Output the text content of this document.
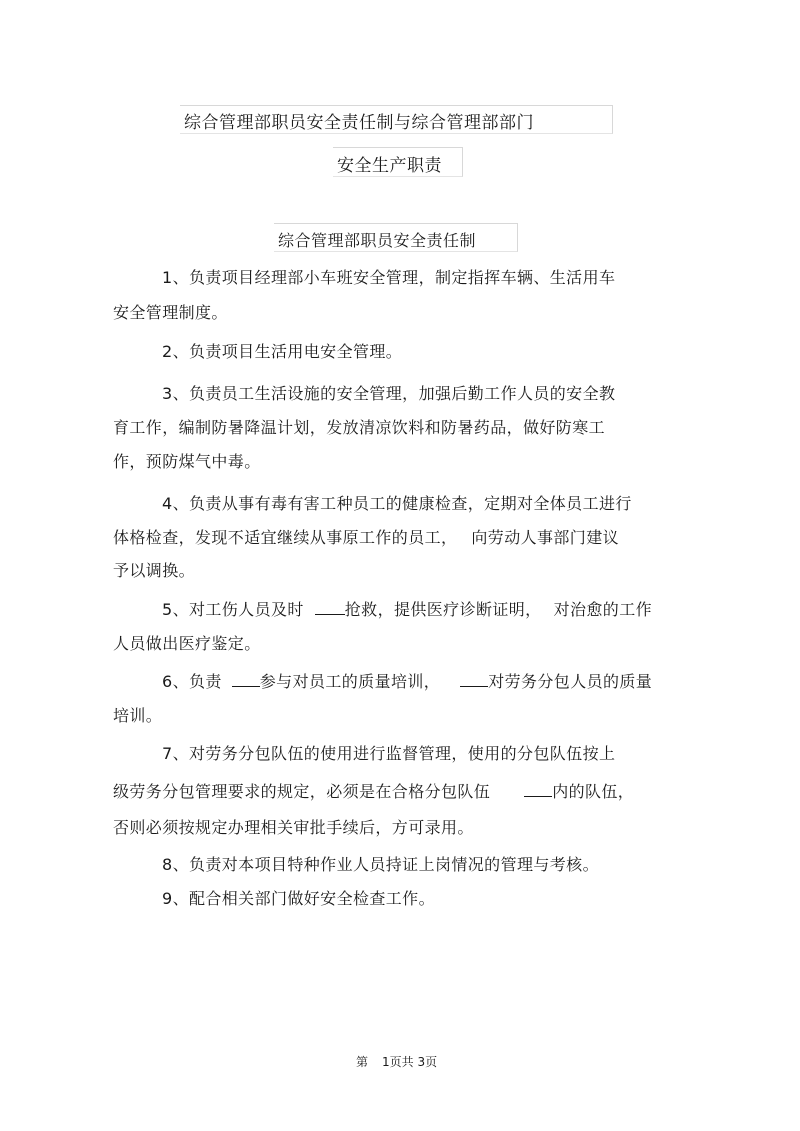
综合管理部职员安全责任制与综合管理部部门
安全生产职责
综合管理部职员安全责任制
1、负责项目经理部小车班安全管理，制定指挥车辆、生活用车
安全管理制度。
2、负责项目生活用电安全管理。
3、负责员工生活设施的安全管理，加强后勤工作人员的安全教
育工作，编制防暑降温计划，发放清凉饮料和防暑药品，做好防寒工
作，预防煤气中毒。
4、负责从事有毒有害工种员工的健康检查，定期对全体员工进行
体格检查，发现不适宜继续从事原工作的员工， 向劳动人事部门建议
予以调换。
5、对工伤人员及时	抢救，提供医疗诊断证明， 对治愈的工作
人员做出医疗鉴定。
6、负责 参与对员工的质量培训，	对劳务分包人员的质量
培训。
7、对劳务分包队伍的使用进行监督管理，使用的分包队伍按上
级劳务分包管理要求的规定，必须是在合格分包队伍	内的队伍，
否则必须按规定办理相关审批手续后，方可录用。
8、负责对本项目特种作业人员持证上岗情况的管理与考核。
9、配合相关部门做好安全检查工作。
第 1页共 3页
